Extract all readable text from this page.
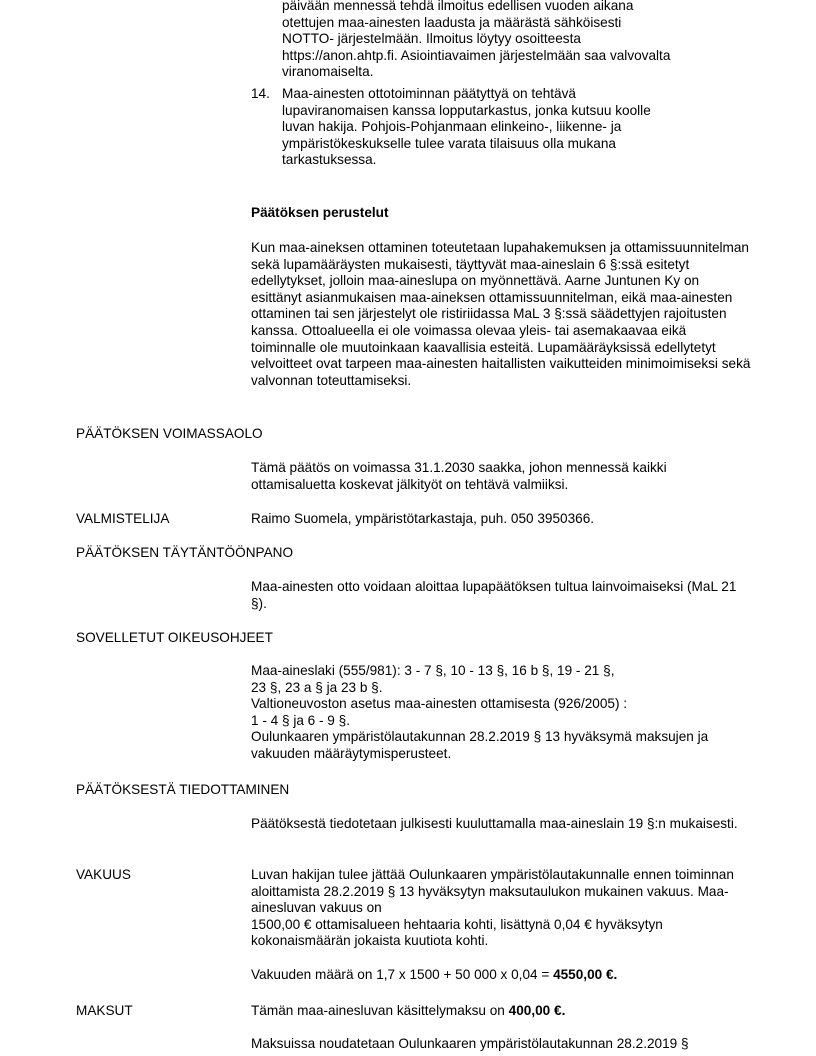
päivään mennessä tehdä ilmoitus edellisen vuoden aikana otettujen maa-ainesten laadusta ja määrästä sähköisesti NOTTO- järjestelmään. Ilmoitus löytyy osoitteesta https://anon.ahtp.fi. Asiointiavaimen järjestelmään saa valvovalta viranomaiselta.

14. Maa-ainesten ottotoiminnan päätyttyä on tehtävä lupaviranomaisen kanssa lopputarkastus, jonka kutsuu koolle luvan hakija. Pohjois-Pohjanmaan elinkeino-, liikenne- ja ympäristökeskukselle tulee varata tilaisuus olla mukana tarkastuksessa.
Päätöksen perustelut

Kun maa-aineksen ottaminen toteutetaan lupahakemuksen ja ottamissuunnitelman sekä lupamääräysten mukaisesti, täyttyvät maa-aineslain 6 §:ssä esitetyt edellytykset, jolloin maa-aineslupa on myönnettävä. Aarne Juntunen Ky on esittänyt asianmukaisen maa-aineksen ottamissuunnitelman, eikä maa-ainesten ottaminen tai sen järjestelyt ole ristiriidassa MaL 3 §:ssä säädettyjen rajoitusten kanssa. Ottoalueella ei ole voimassa olevaa yleis- tai asemakaavaa eikä toiminnalle ole muutoinkaan kaavallisia esteitä. Lupamääräyksissä edellytetyt velvoitteet ovat tarpeen maa-ainesten haitallisten vaikutteiden minimoimiseksi sekä valvonnan toteuttamiseksi.

PÄÄTÖKSEN VOIMASSAOLO

Tämä päätös on voimassa 31.1.2030 saakka, johon mennessä kaikki ottamisaluetta koskevat jälkityöt on tehtävä valmiiksi.

VALMISTELIJA	Raimo Suomela, ympäristötarkastaja, puh. 050 3950366.
PÄÄTÖKSEN TÄYTÄNTÖÖNPANO

Maa-ainesten otto voidaan aloittaa lupapäätöksen tultua lainvoimaiseksi (MaL 21 §).

SOVELLETUT OIKEUSOHJEET

Maa-aineslaki (555/981): 3 - 7 §, 10 - 13 §, 16 b §, 19 - 21 §,

23 §, 23 a § ja 23 b §.

Valtioneuvoston asetus maa-ainesten ottamisesta (926/2005) :

1 - 4 § ja 6 - 9 §.

Oulunkaaren ympäristölautakunnan 28.2.2019 § 13 hyväksymä maksujen ja vakuuden määräytymisperusteet.

PÄÄTÖKSESTÄ TIEDOTTAMINEN

Päätöksestä tiedotetaan julkisesti kuuluttamalla maa-aineslain 19 §:n mukaisesti.

VAKUUS	Luvan hakijan tulee jättää Oulunkaaren ympäristölautakunnalle ennen toiminnan aloittamista 28.2.2019 § 13 hyväksytyn maksutaulukon mukainen vakuus. Maa-ainesluvan vakuus on

1500,00 € ottamisalueen hehtaaria kohti, lisättynä 0,04 € hyväksytyn kokonaismäärän jokaista kuutiota kohti.

Vakuuden määrä on 1,7 x 1500 + 50 000 x 0,04 = 4550,00 €.

MAKSUT	Tämän maa-ainesluvan käsittelymaksu on 400,00 €.

Maksuissa noudatetaan Oulunkaaren ympäristölautakunnan 28.2.2019 §
